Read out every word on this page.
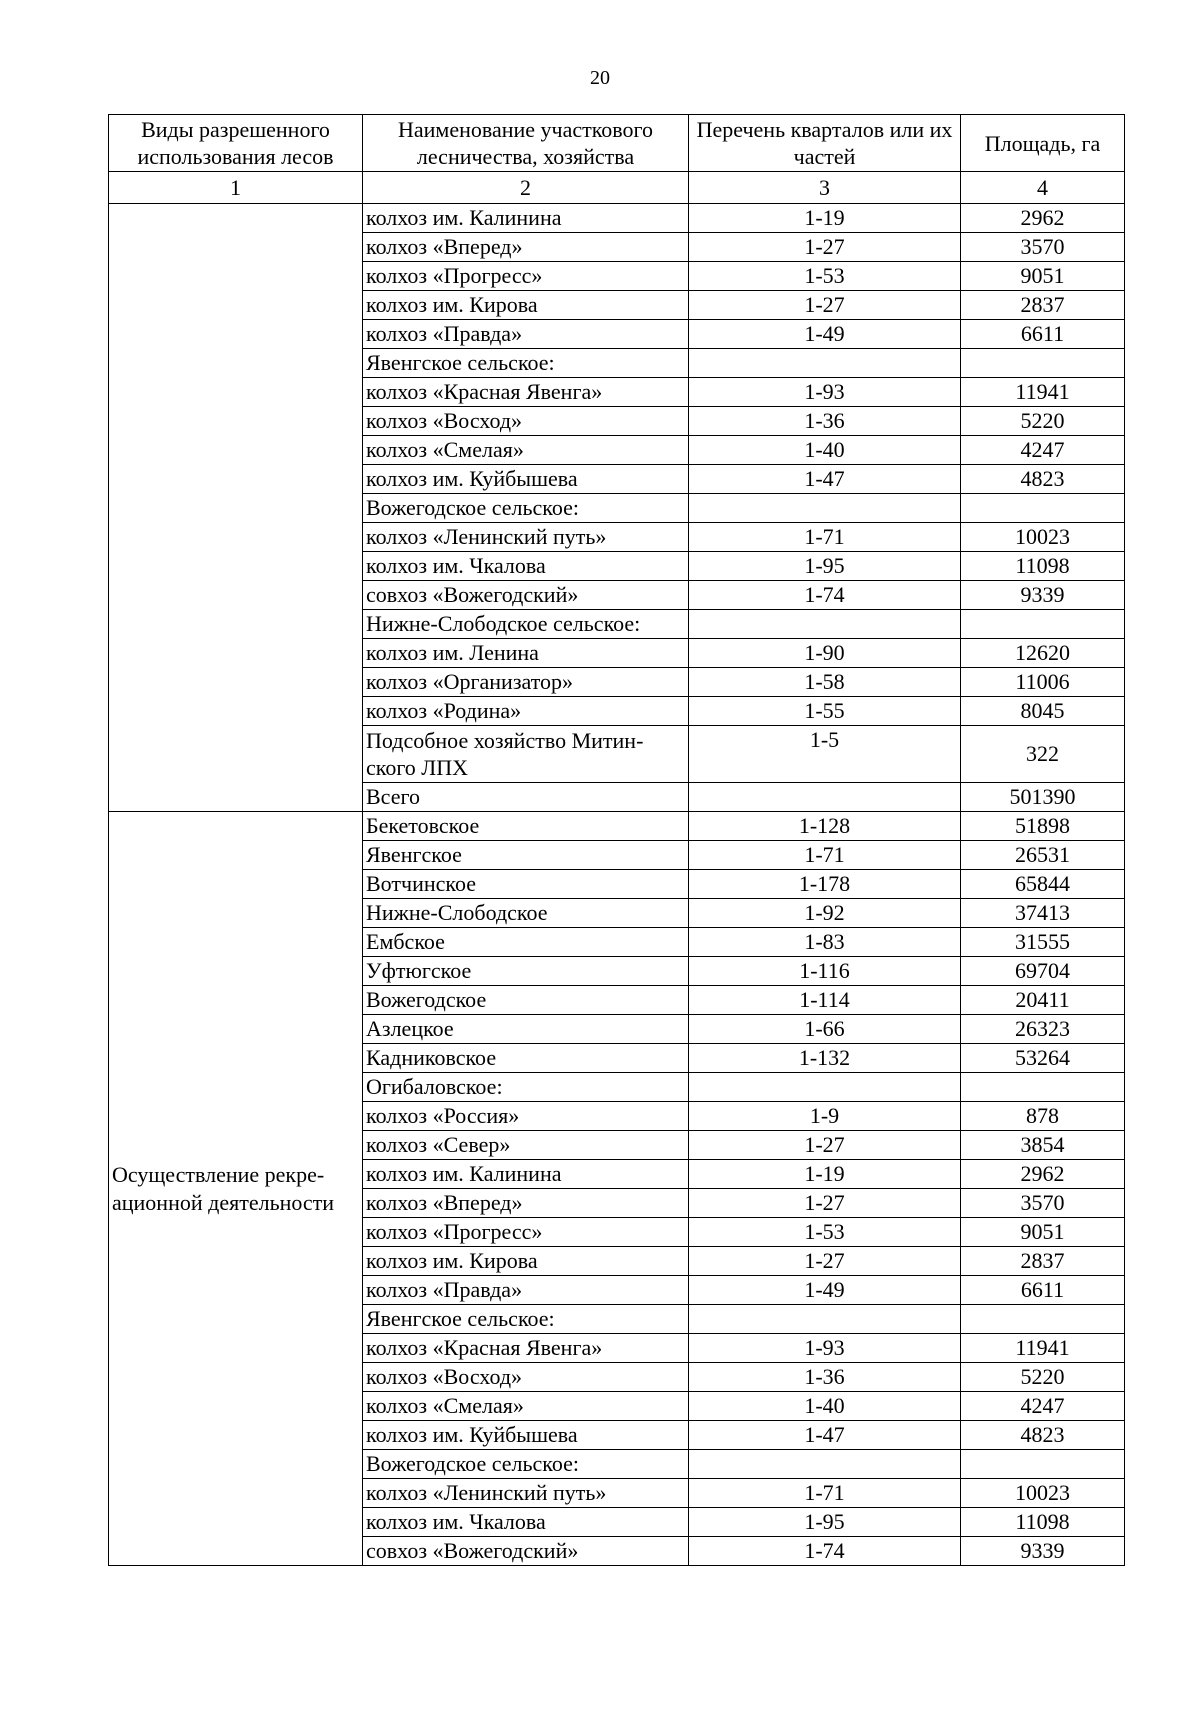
20
Виды разрешенного использования лесов	Наименование участкового лесничества, хозяйства	Перечень кварталов или их частей	Площадь, га
1	2	3	4
	колхоз им. Калинина	1-19	2962
	колхоз «Вперед»	1-27	3570
	колхоз «Прогресс»	1-53	9051
	колхоз им. Кирова	1-27	2837
	колхоз «Правда»	1-49	6611
	Явенгское сельское:		
	колхоз «Красная Явенга»	1-93	11941
	колхоз «Восход»	1-36	5220
	колхоз «Смелая»	1-40	4247
	колхоз им. Куйбышева	1-47	4823
	Вожегодское сельское:		
	колхоз «Ленинский путь»	1-71	10023
	колхоз им. Чкалова	1-95	11098
	совхоз «Вожегодский»	1-74	9339
	Нижне-Слободское сельское:		
	колхоз им. Ленина	1-90	12620
	колхоз «Организатор»	1-58	11006
	колхоз «Родина»	1-55	8045
	Подсобное хозяйство Митин-ского ЛПХ	1-5	322
	Всего		501390
Осуществление рекре-ационной деятельности	Бекетовское	1-128	51898
	Явенгское	1-71	26531
	Вотчинское	1-178	65844
	Нижне-Слободское	1-92	37413
	Ембское	1-83	31555
	Уфтюгское	1-116	69704
	Вожегодское	1-114	20411
	Азлецкое	1-66	26323
	Кадниковское	1-132	53264
	Огибаловское:		
	колхоз «Россия»	1-9	878
	колхоз «Север»	1-27	3854
	колхоз им. Калинина	1-19	2962
	колхоз «Вперед»	1-27	3570
	колхоз «Прогресс»	1-53	9051
	колхоз им. Кирова	1-27	2837
	колхоз «Правда»	1-49	6611
	Явенгское сельское:		
	колхоз «Красная Явенга»	1-93	11941
	колхоз «Восход»	1-36	5220
	колхоз «Смелая»	1-40	4247
	колхоз им. Куйбышева	1-47	4823
	Вожегодское сельское:		
	колхоз «Ленинский путь»	1-71	10023
	колхоз им. Чкалова	1-95	11098
	совхоз «Вожегодский»	1-74	9339
